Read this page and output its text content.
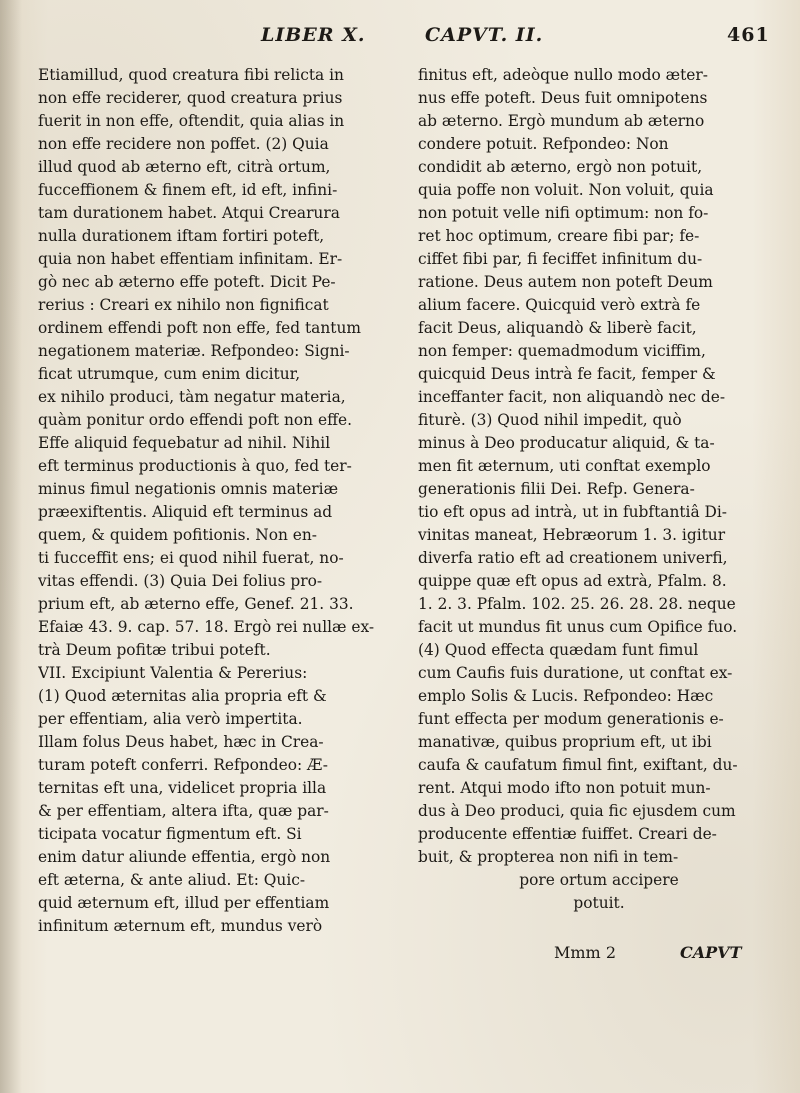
LIBER X.	CAPVT. II.	461
Etiamillud, quod creatura fibi relicta in
non effe reciderer, quod creatura prius
fuerit in non effe, oftendit, quia alias in
non effe recidere non poffet. (2) Quia
illud quod ab æterno eft, citrà ortum,
fucceffionem & finem eft, id eft, infini-
tam durationem habet. Atqui Crearura
nulla durationem iftam fortiri poteft,
quia non habet effentiam infinitam. Er-
gò nec ab æterno effe poteft. Dicit Pe-
rerius : Creari ex nihilo non fignificat
ordinem effendi poft non effe, fed tantum
negationem materiæ. Refpondeo: Signi-
ficat utrumque, cum enim dicitur,
ex nihilo produci, tàm negatur materia,
quàm ponitur ordo effendi poft non effe.
Effe aliquid fequebatur ad nihil. Nihil
eft terminus productionis à quo, fed ter-
minus fimul negationis omnis materiæ
præexiftentis. Aliquid eft terminus ad
quem, & quidem pofitionis. Non en-
ti fucceffit ens; ei quod nihil fuerat, no-
vitas effendi. (3) Quia Dei folius pro-
prium eft, ab æterno effe, Genef. 21. 33.
Efaiæ 43. 9. cap. 57. 18. Ergò rei nullæ ex-
trà Deum pofitæ tribui poteft.
VII. Excipiunt Valentia & Pererius:
(1) Quod æternitas alia propria eft &
per effentiam, alia verò impertita.
Illam folus Deus habet, hæc in Crea-
turam poteft conferri. Refpondeo: Æ-
ternitas eft una, videlicet propria illa
& per effentiam, altera ifta, quæ par-
ticipata vocatur figmentum eft. Si
enim datur aliunde effentia, ergò non
eft æterna, & ante aliud. Et: Quic-
quid æternum eft, illud per effentiam
infinitum æternum eft, mundus verò
finitus eft, adeòque nullo modo æter-
nus effe poteft. Deus fuit omnipotens
ab æterno. Ergò mundum ab æterno
condere potuit. Refpondeo: Non
condidit ab æterno, ergò non potuit,
quia poffe non voluit. Non voluit, quia
non potuit velle nifi optimum: non fo-
ret hoc optimum, creare fibi par; fe-
ciffet fibi par, fi feciffet infinitum du-
ratione. Deus autem non poteft Deum
alium facere. Quicquid verò extrà fe
facit Deus, aliquandò & liberè facit,
non femper: quemadmodum viciffim,
quicquid Deus intrà fe facit, femper &
inceffanter facit, non aliquandò nec de-
fiturè. (3) Quod nihil impedit, quò
minus à Deo producatur aliquid, & ta-
men fit æternum, uti conftat exemplo
generationis filii Dei. Refp. Genera-
tio eft opus ad intrà, ut in fubftantiâ Di-
vinitas maneat, Hebræorum 1. 3. igitur
diverfa ratio eft ad creationem univerfi,
quippe quæ eft opus ad extrà, Pfalm. 8.
1. 2. 3. Pfalm. 102. 25. 26. 28. 28. neque
facit ut mundus fit unus cum Opifice fuo.
(4) Quod effecta quædam funt fimul
cum Caufis fuis duratione, ut conftat ex-
emplo Solis & Lucis. Refpondeo: Hæc
funt effecta per modum generationis e-
manativæ, quibus proprium eft, ut ibi
caufa & caufatum fimul fint, exiftant, du-
rent. Atqui modo ifto non potuit mun-
dus à Deo produci, quia fic ejusdem cum
producente effentiæ fuiffet. Creari de-
buit, & propterea non nifi in tem-
pore ortum accipere
potuit.
Mmm 2	CAPVT
